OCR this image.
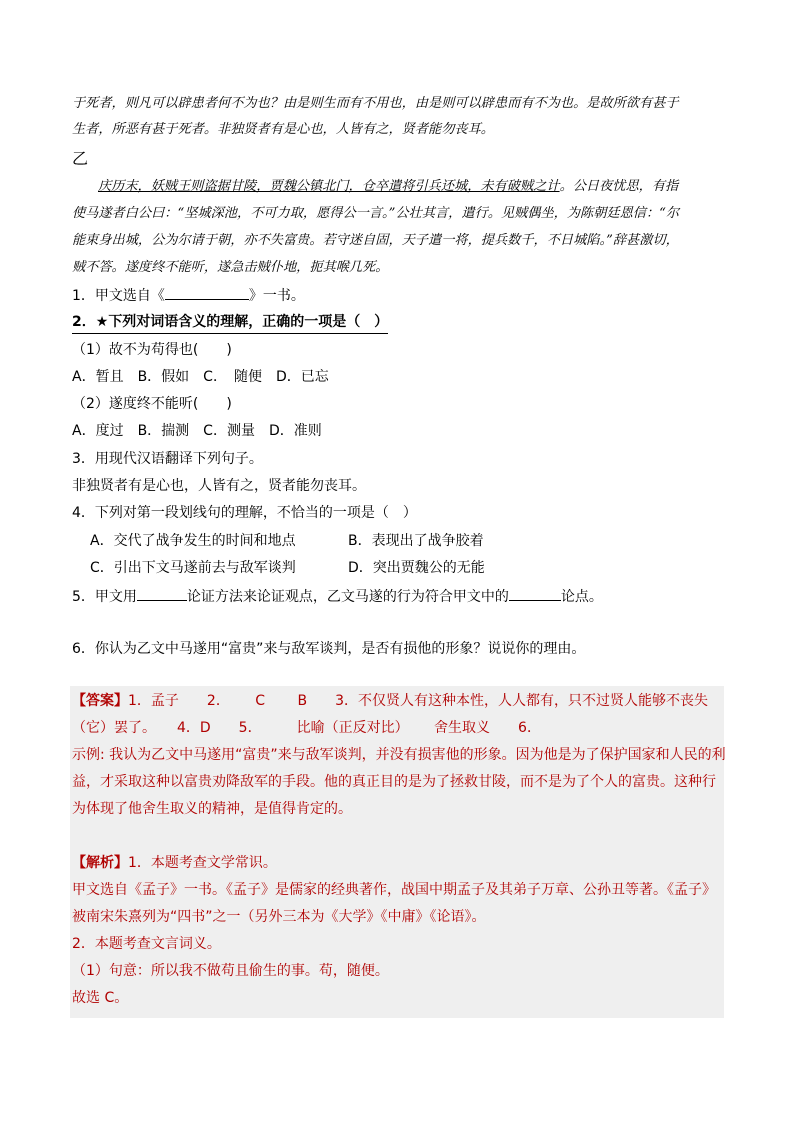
于死者，则凡可以辟患者何不为也？由是则生而有不用也，由是则可以辟患而有不为也。是故所欲有甚于
生者，所恶有甚于死者。非独贤者有是心也，人皆有之，贤者能勿丧耳。
乙
庆历末，妖贼王则盗据甘陵，贾魏公镇北门，仓卒遣将引兵还城，未有破贼之计。公日夜忧思，有指
使马遂者白公曰：“坚城深池，不可力取，愿得公一言。”公壮其言，遣行。见贼偶坐，为陈朝廷恩信：“尔
能束身出城，公为尔请于朝，亦不失富贵。若守迷自固，天子遣一将，提兵数千，不日城陷。”辞甚激切，
贼不答。遂度终不能听，遂急击贼仆地，扼其喉几死。
1．甲文选自《	》一书。
2．★下列对词语含义的理解，正确的一项是（　）
（1）故不为苟得也(　　)
A．暂且　B．假如　C．　随便　D．已忘
（2）遂度终不能听(　　)
A．度过　B．揣测　C．测量　D．准则
3．用现代汉语翻译下列句子。
非独贤者有是心也，人皆有之，贤者能勿丧耳。
4．下列对第一段划线句的理解，不恰当的一项是（　）
A．交代了战争发生的时间和地点	B．表现出了战争胶着
C．引出下文马遂前去与敌军谈判	D．突出贾魏公的无能
5．甲文用	论证方法来论证观点，乙文马遂的行为符合甲文中的	论点。
6．你认为乙文中马遂用“富贵”来与敌军谈判，是否有损他的形象？说说你的理由。
【答案】1．孟子　　2．　　 C　　 B　　3．不仅贤人有这种本性，人人都有，只不过贤人能够不丧失
（它）罢了。　　4．D　　5．　　　比喻（正反对比）　　 舍生取义　　6．
示例: 我认为乙文中马遂用“富贵”来与敌军谈判，并没有损害他的形象。因为他是为了保护国家和人民的利
益，才采取这种以富贵劝降敌军的手段。他的真正目的是为了拯救甘陵，而不是为了个人的富贵。这种行
为体现了他舍生取义的精神，是值得肯定的。
【解析】1．本题考查文学常识。
甲文选自《孟子》一书。《孟子》是儒家的经典著作，战国中期孟子及其弟子万章、公孙丑等著。《孟子》
被南宋朱熹列为“四书”之一（另外三本为《大学》《中庸》《论语》。
2．本题考查文言词义。
（1）句意：所以我不做苟且偷生的事。苟，随便。
故选 C。
